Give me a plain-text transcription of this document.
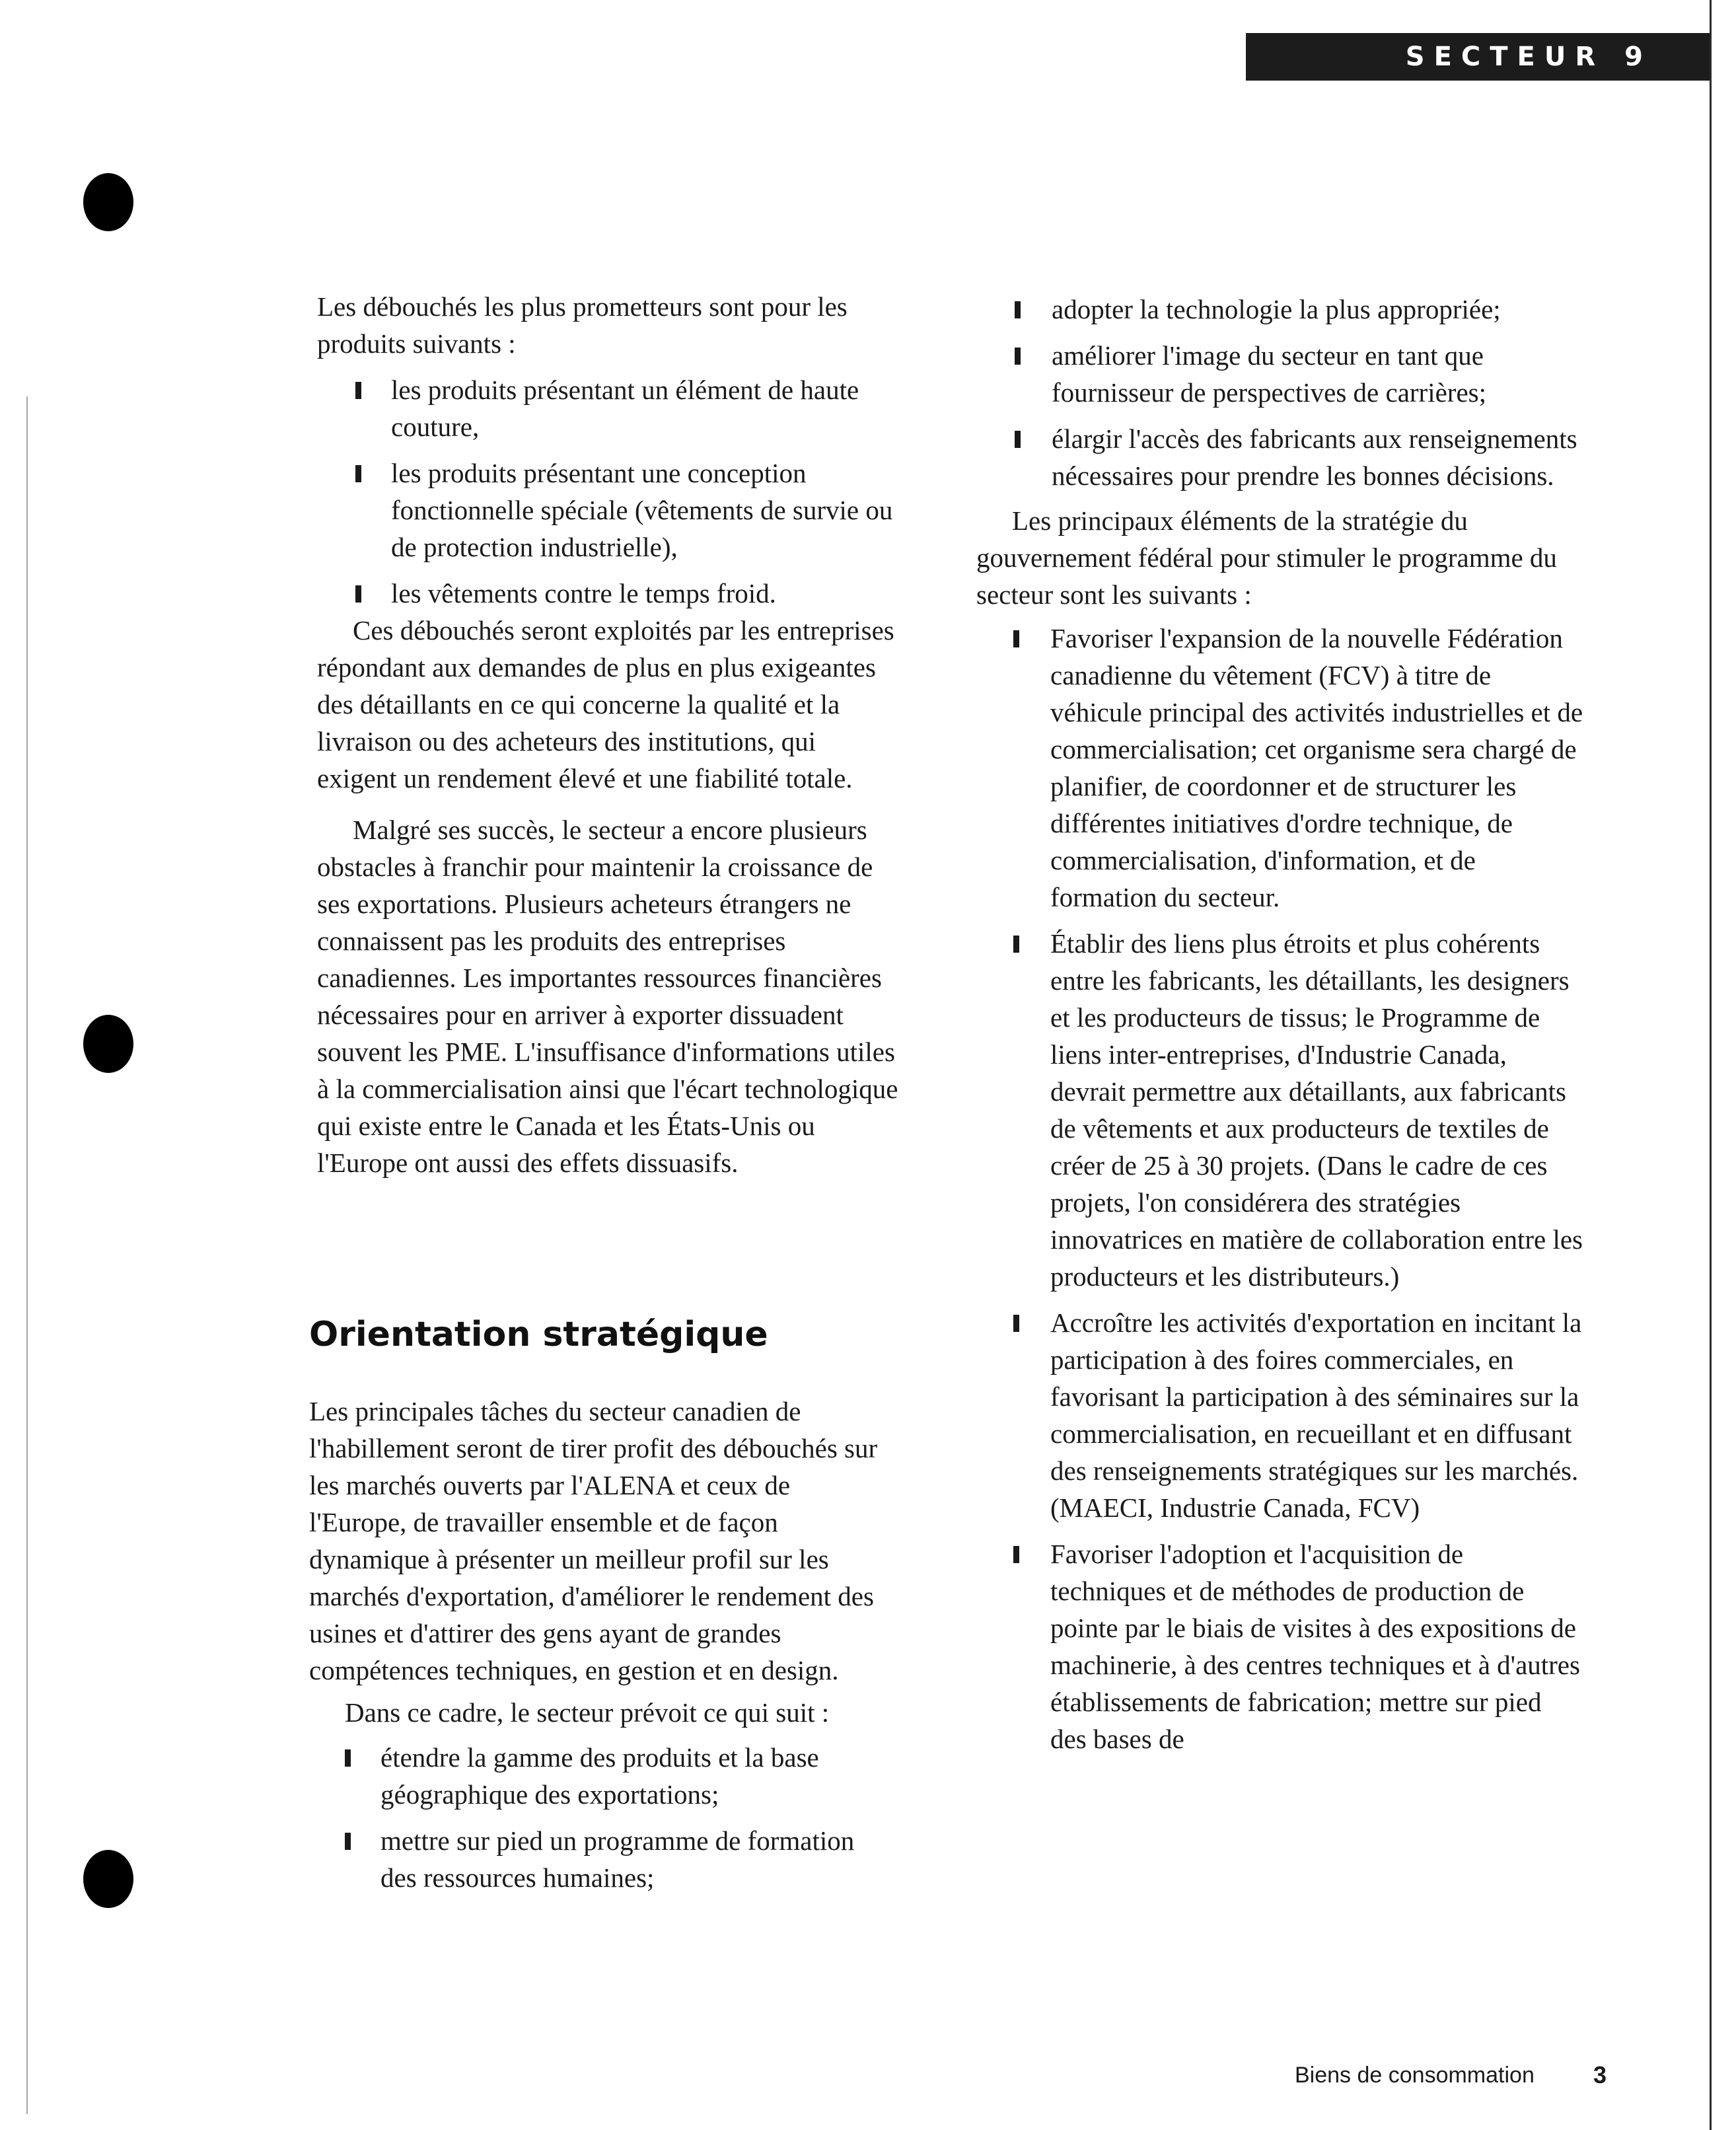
SECTEUR 9

Les débouchés les plus prometteurs sont pour les produits suivants :

les produits présentant un élément de haute couture,
les produits présentant une conception fonctionnelle spéciale (vêtements de survie ou de protection industrielle),
les vêtements contre le temps froid.

Ces débouchés seront exploités par les entreprises répondant aux demandes de plus en plus exigeantes des détaillants en ce qui concerne la qualité et la livraison ou des acheteurs des institutions, qui exigent un rendement élevé et une fiabilité totale.

Malgré ses succès, le secteur a encore plusieurs obstacles à franchir pour maintenir la croissance de ses exportations. Plusieurs acheteurs étrangers ne connaissent pas les produits des entreprises canadiennes. Les importantes ressources financières nécessaires pour en arriver à exporter dissuadent souvent les PME. L'insuffisance d'informations utiles à la commercialisation ainsi que l'écart technologique qui existe entre le Canada et les États-Unis ou l'Europe ont aussi des effets dissuasifs.

Orientation stratégique

Les principales tâches du secteur canadien de l'habillement seront de tirer profit des débouchés sur les marchés ouverts par l'ALENA et ceux de l'Europe, de travailler ensemble et de façon dynamique à présenter un meilleur profil sur les marchés d'exportation, d'améliorer le rendement des usines et d'attirer des gens ayant de grandes compétences techniques, en gestion et en design.

Dans ce cadre, le secteur prévoit ce qui suit :

étendre la gamme des produits et la base géographique des exportations;
mettre sur pied un programme de formation des ressources humaines;
adopter la technologie la plus appropriée;
améliorer l'image du secteur en tant que fournisseur de perspectives de carrières;
élargir l'accès des fabricants aux renseignements nécessaires pour prendre les bonnes décisions.

Les principaux éléments de la stratégie du gouvernement fédéral pour stimuler le programme du secteur sont les suivants :

Favoriser l'expansion de la nouvelle Fédération canadienne du vêtement (FCV) à titre de véhicule principal des activités industrielles et de commercialisation; cet organisme sera chargé de planifier, de coordonner et de structurer les différentes initiatives d'ordre technique, de commercialisation, d'information, et de formation du secteur.
Établir des liens plus étroits et plus cohérents entre les fabricants, les détaillants, les designers et les producteurs de tissus; le Programme de liens inter-entreprises, d'Industrie Canada, devrait permettre aux détaillants, aux fabricants de vêtements et aux producteurs de textiles de créer de 25 à 30 projets. (Dans le cadre de ces projets, l'on considérera des stratégies innovatrices en matière de collaboration entre les producteurs et les distributeurs.)
Accroître les activités d'exportation en incitant la participation à des foires commerciales, en favorisant la participation à des séminaires sur la commercialisation, en recueillant et en diffusant des renseignements stratégiques sur les marchés. (MAECI, Industrie Canada, FCV)
Favoriser l'adoption et l'acquisition de techniques et de méthodes de production de pointe par le biais de visites à des expositions de machinerie, à des centres techniques et à d'autres établissements de fabrication; mettre sur pied des bases de
Biens de consommation 3
